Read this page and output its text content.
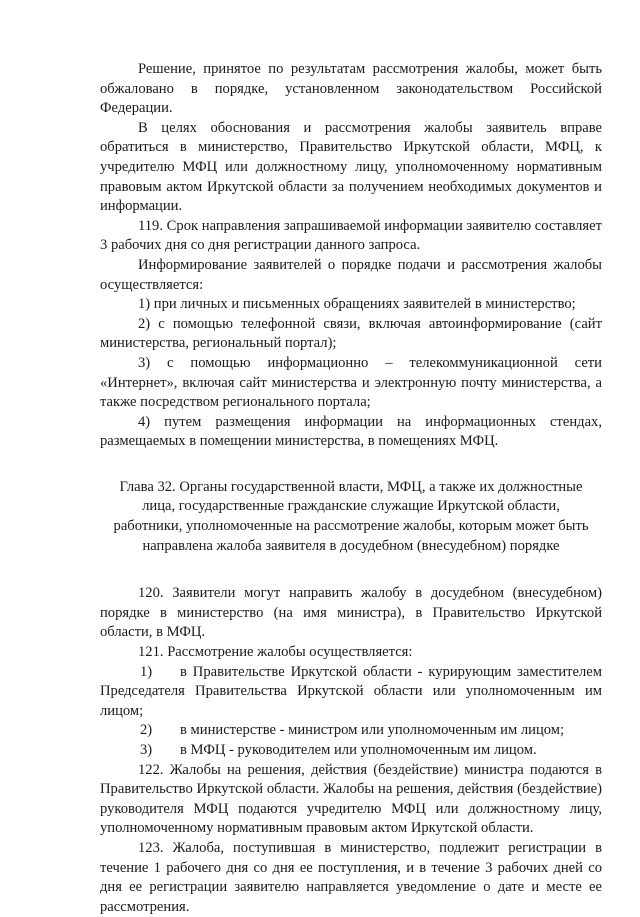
Решение, принятое по результатам рассмотрения жалобы, может быть обжаловано в порядке, установленном законодательством Российской Федерации.

В целях обоснования и рассмотрения жалобы заявитель вправе обратиться в министерство, Правительство Иркутской области, МФЦ, к учредителю МФЦ или должностному лицу, уполномоченному нормативным правовым актом Иркутской области за получением необходимых документов и информации.

119. Срок направления запрашиваемой информации заявителю составляет 3 рабочих дня со дня регистрации данного запроса.

Информирование заявителей о порядке подачи и рассмотрения жалобы осуществляется:

1) при личных и письменных обращениях заявителей в министерство;

2) с помощью телефонной связи, включая автоинформирование (сайт министерства, региональный портал);

3) с помощью информационно – телекоммуникационной сети «Интернет», включая сайт министерства и электронную почту министерства, а также посредством регионального портала;

4) путем размещения информации на информационных стендах, размещаемых в помещении министерства, в помещениях МФЦ.

Глава 32. Органы государственной власти, МФЦ, а также их должностные лица, государственные гражданские служащие Иркутской области, работники, уполномоченные на рассмотрение жалобы, которым может быть направлена жалоба заявителя в досудебном (внесудебном) порядке

120. Заявители могут направить жалобу в досудебном (внесудебном) порядке в министерство (на имя министра), в Правительство Иркутской области, в МФЦ.

121. Рассмотрение жалобы осуществляется:

1) в Правительстве Иркутской области - курирующим заместителем Председателя Правительства Иркутской области или уполномоченным им лицом;

2) в министерстве - министром или уполномоченным им лицом;

3) в МФЦ - руководителем или уполномоченным им лицом.

122. Жалобы на решения, действия (бездействие) министра подаются в Правительство Иркутской области. Жалобы на решения, действия (бездействие) руководителя МФЦ подаются учредителю МФЦ или должностному лицу, уполномоченному нормативным правовым актом Иркутской области.

123. Жалоба, поступившая в министерство, подлежит регистрации в течение 1 рабочего дня со дня ее поступления, и в течение 3 рабочих дней со дня ее регистрации заявителю направляется уведомление о дате и месте ее рассмотрения.
